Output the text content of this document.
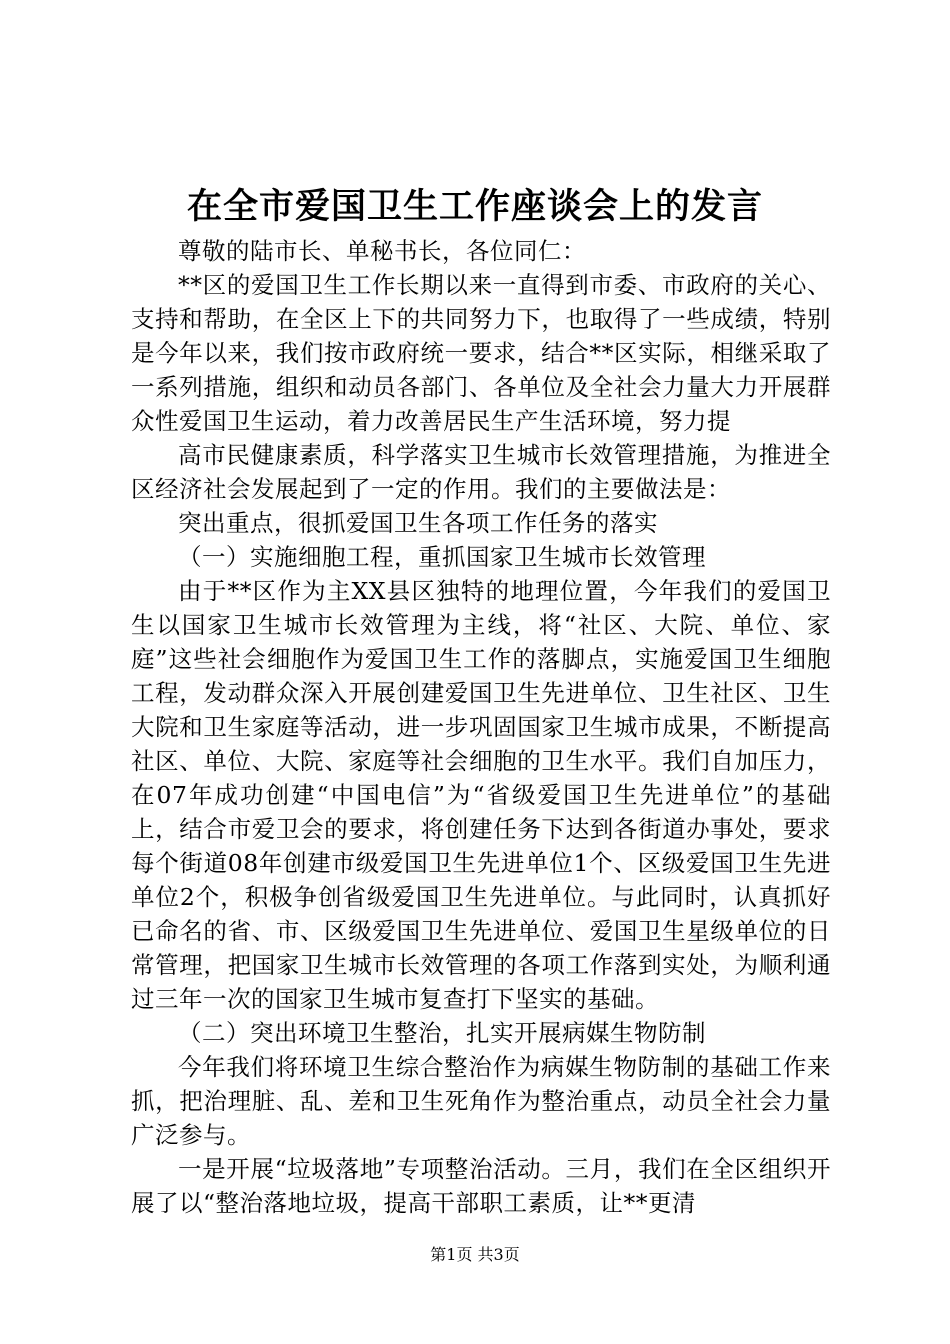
在全市爱国卫生工作座谈会上的发言

尊敬的陆市长、单秘书长，各位同仁：

**区的爱国卫生工作长期以来一直得到市委、市政府的关心、支持和帮助，在全区上下的共同努力下，也取得了一些成绩，特别是今年以来，我们按市政府统一要求，结合**区实际，相继采取了一系列措施，组织和动员各部门、各单位及全社会力量大力开展群众性爱国卫生运动，着力改善居民生产生活环境，努力提

高市民健康素质，科学落实卫生城市长效管理措施，为推进全区经济社会发展起到了一定的作用。我们的主要做法是：

突出重点，很抓爱国卫生各项工作任务的落实

（一）实施细胞工程，重抓国家卫生城市长效管理

由于**区作为主XX县区独特的地理位置，今年我们的爱国卫生以国家卫生城市长效管理为主线，将“社区、大院、单位、家庭”这些社会细胞作为爱国卫生工作的落脚点，实施爱国卫生细胞工程，发动群众深入开展创建爱国卫生先进单位、卫生社区、卫生大院和卫生家庭等活动，进一步巩固国家卫生城市成果，不断提高社区、单位、大院、家庭等社会细胞的卫生水平。我们自加压力，在07年成功创建“中国电信”为“省级爱国卫生先进单位”的基础上，结合市爱卫会的要求，将创建任务下达到各街道办事处，要求每个街道08年创建市级爱国卫生先进单位1个、区级爱国卫生先进单位2个，积极争创省级爱国卫生先进单位。与此同时，认真抓好已命名的省、市、区级爱国卫生先进单位、爱国卫生星级单位的日常管理，把国家卫生城市长效管理的各项工作落到实处，为顺利通过三年一次的国家卫生城市复查打下坚实的基础。

（二）突出环境卫生整治，扎实开展病媒生物防制

今年我们将环境卫生综合整治作为病媒生物防制的基础工作来抓，把治理脏、乱、差和卫生死角作为整治重点，动员全社会力量广泛参与。

一是开展“垃圾落地”专项整治活动。三月，我们在全区组织开展了以“整治落地垃圾，提高干部职工素质，让**更清

第1页 共3页
